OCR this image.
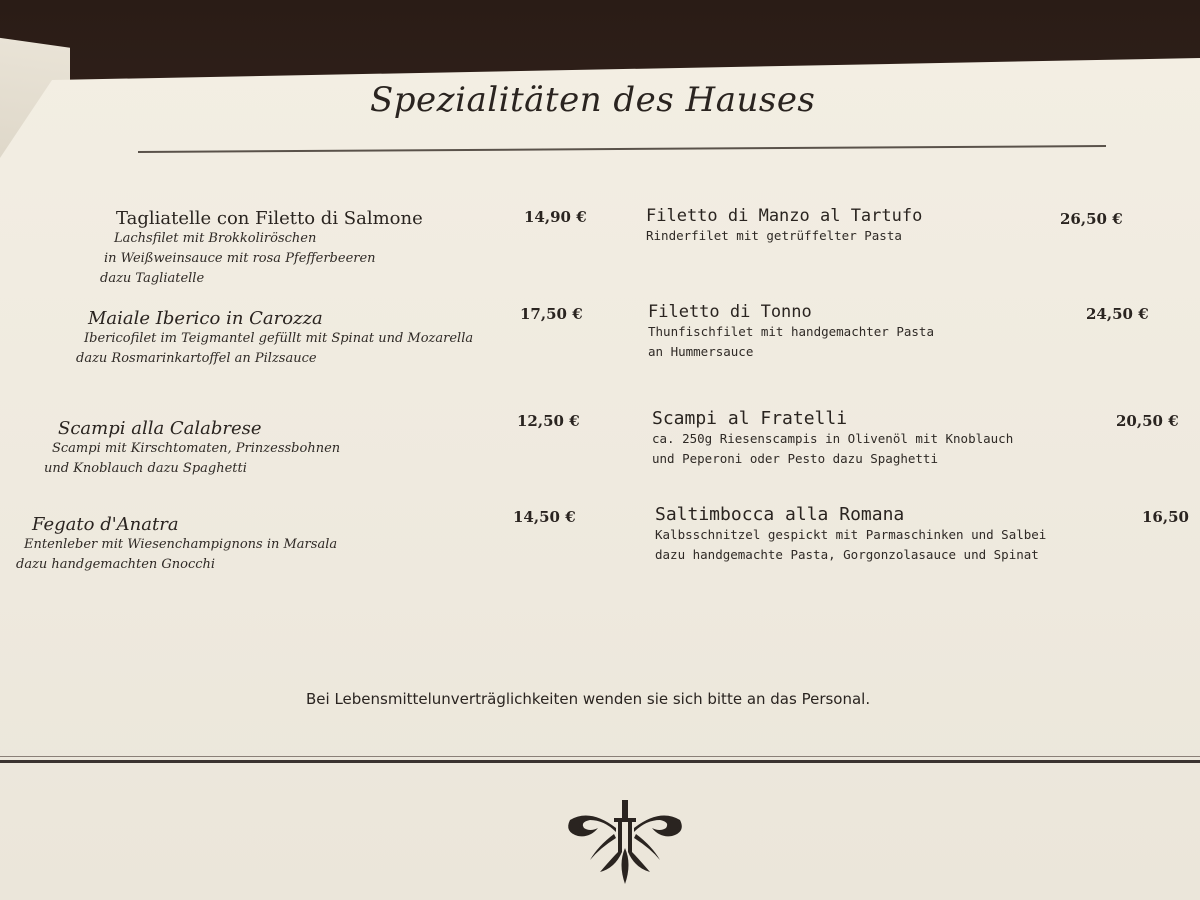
Spezialitäten des Hauses
Tagliatelle con Filetto di Salmone
Lachsfilet mit Brokkoliröschen
in Weißweinsauce mit rosa Pfefferbeeren
dazu Tagliatelle
14,90 €
Maiale Iberico in Carozza
Ibericofilet im Teigmantel gefüllt mit Spinat und Mozarella
dazu Rosmarinkartoffel an Pilzsauce
17,50 €
Scampi alla Calabrese
Scampi mit Kirschtomaten, Prinzessbohnen
und Knoblauch dazu Spaghetti
12,50 €
Fegato d'Anatra
Entenleber mit Wiesenchampignons in Marsala
dazu handgemachten Gnocchi
14,50 €
Filetto di Manzo al Tartufo
Rinderfilet mit getrüffelter Pasta
26,50 €
Filetto di Tonno
Thunfischfilet mit handgemachter Pasta
an Hummersauce
24,50 €
Scampi al Fratelli
ca. 250g Riesenscampis in Olivenöl mit Knoblauch
und Peperoni oder Pesto dazu Spaghetti
20,50 €
Saltimbocca alla Romana
Kalbsschnitzel gespickt mit Parmaschinken und Salbei
dazu handgemachte Pasta, Gorgonzolasauce und Spinat
16,50
Bei Lebensmittelunverträglichkeiten wenden sie sich bitte an das Personal.
